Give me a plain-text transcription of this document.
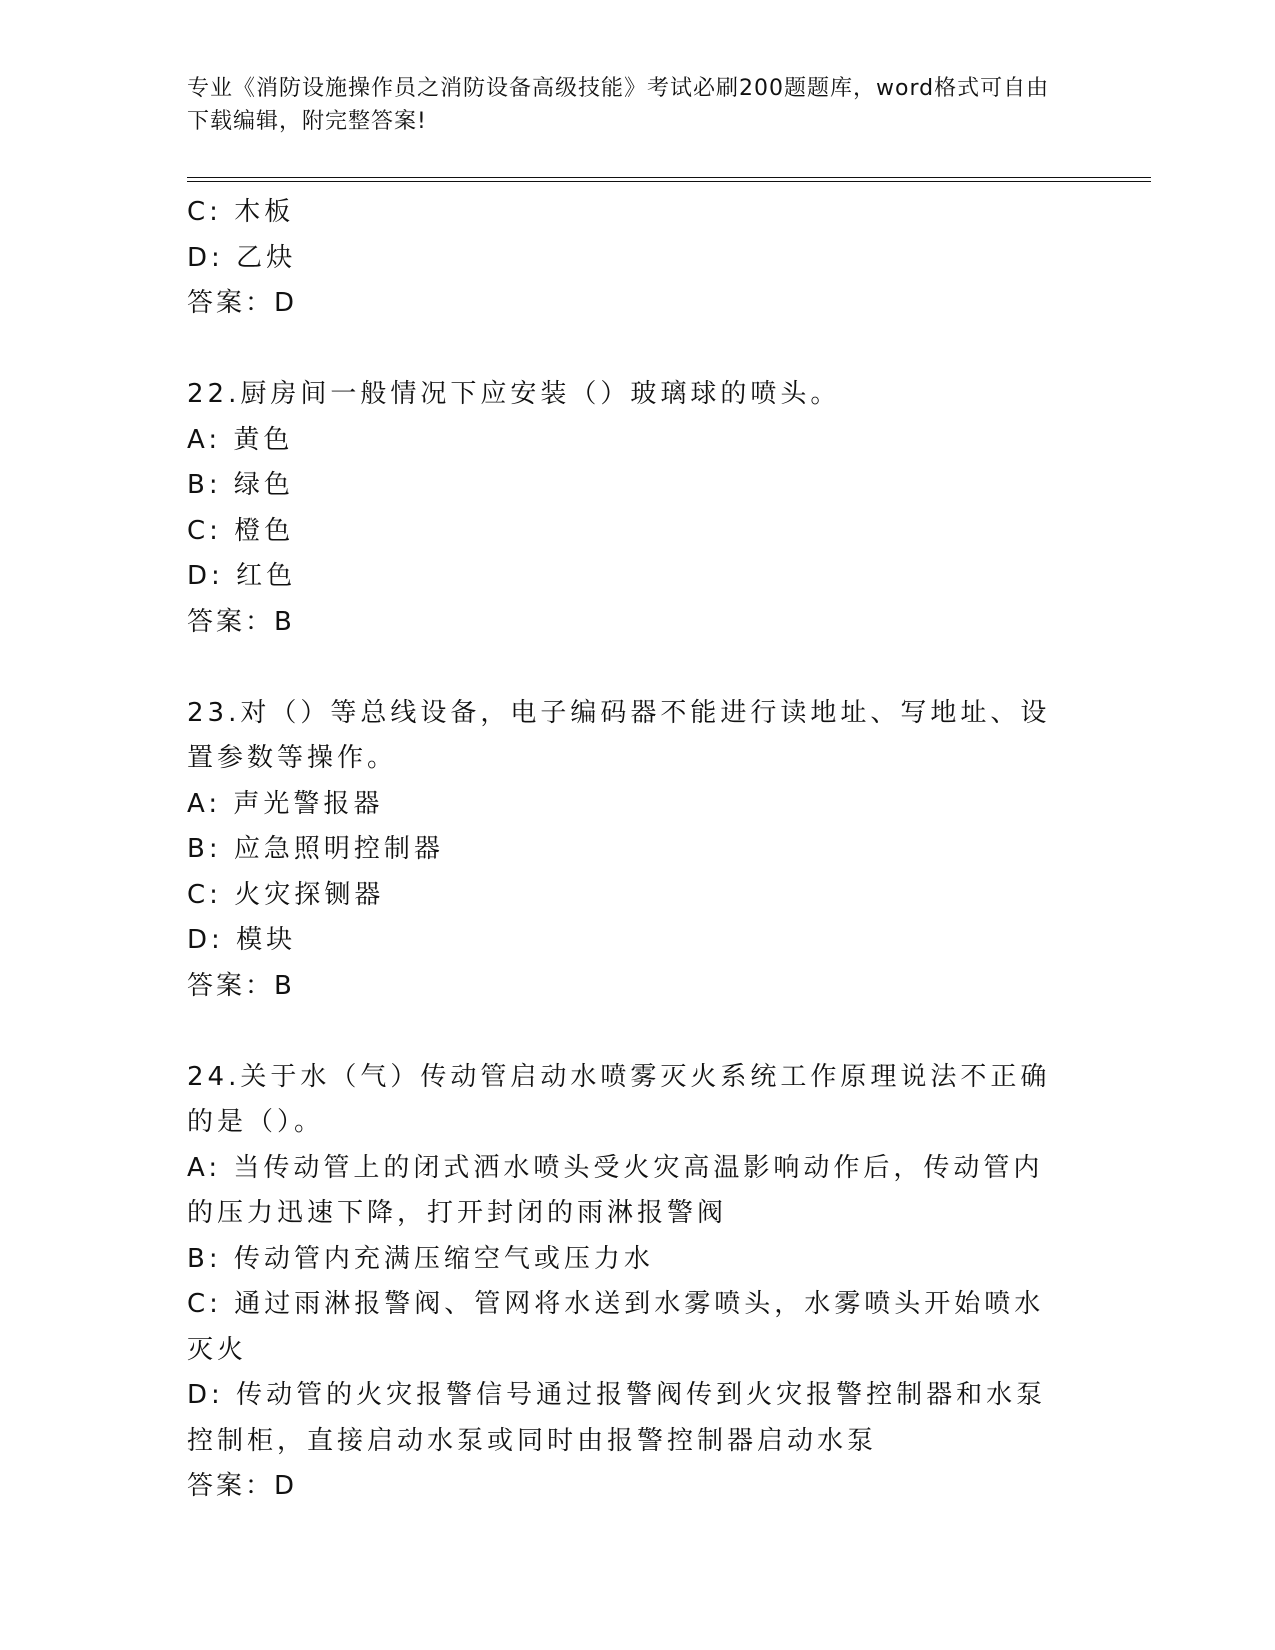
专业《消防设施操作员之消防设备高级技能》考试必刷200题题库，word格式可自由下载编辑，附完整答案!
C: 木板
D: 乙炔
答案：D
22.厨房间一般情况下应安装（）玻璃球的喷头。
A: 黄色
B: 绿色
C: 橙色
D: 红色
答案：B
23.对（）等总线设备，电子编码器不能进行读地址、写地址、设置参数等操作。
A: 声光警报器
B: 应急照明控制器
C: 火灾探铡器
D: 模块
答案：B
24.关于水（气）传动管启动水喷雾灭火系统工作原理说法不正确的是（）。
A: 当传动管上的闭式洒水喷头受火灾高温影响动作后，传动管内的压力迅速下降，打开封闭的雨淋报警阀
B: 传动管内充满压缩空气或压力水
C: 通过雨淋报警阀、管网将水送到水雾喷头，水雾喷头开始喷水灭火
D: 传动管的火灾报警信号通过报警阀传到火灾报警控制器和水泵控制柜，直接启动水泵或同时由报警控制器启动水泵
答案：D
